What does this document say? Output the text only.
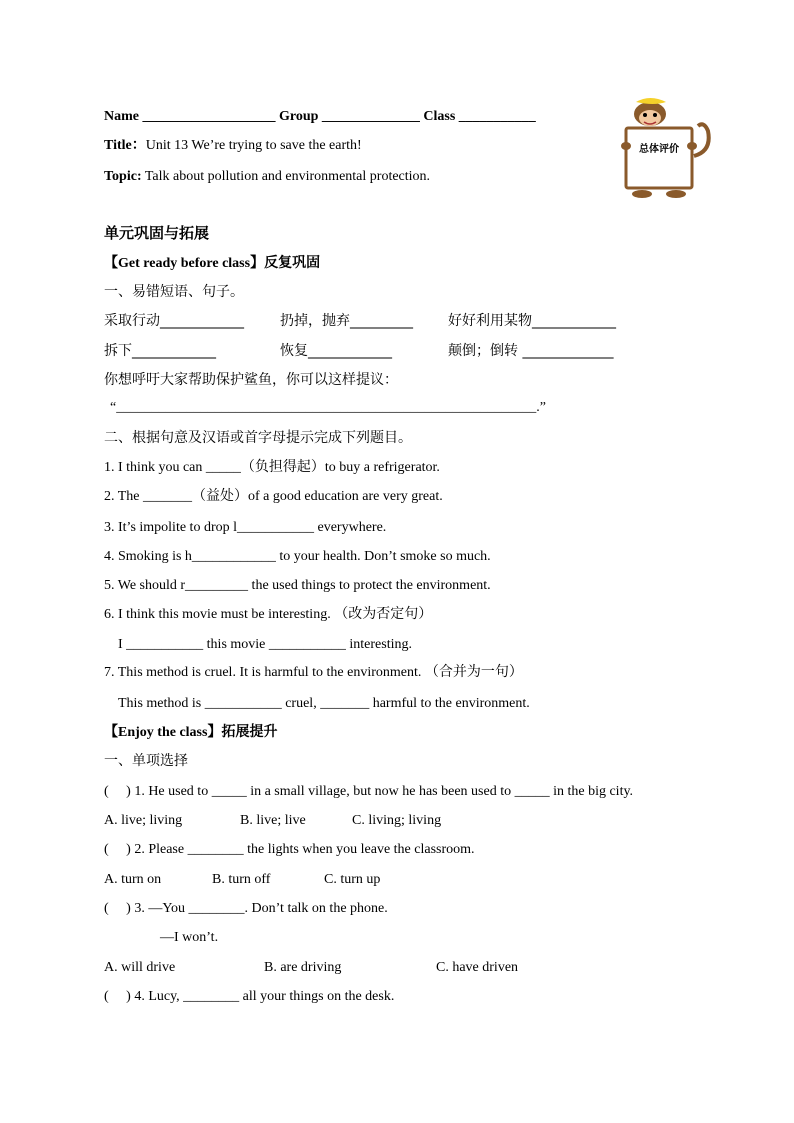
Name ___________________ Group ______________ Class ___________
Title：Unit 13 We’re trying to save the earth!
Topic: Talk about pollution and environmental protection.
总体评价
单元巩固与拓展
【Get ready before class】反复巩固
一、易错短语、句子。
采取行动____________	扔掉，抛弃_________	好好利用某物____________
拆下____________	恢复____________	颠倒；倒转 _____________
你想呼吁大家帮助保护鲨鱼，你可以这样提议：
“____________________________________________________________.”
二、根据句意及汉语或首字母提示完成下列题目。
1. I think you can _____（负担得起）to buy a refrigerator.
2. The _______（益处）of a good education are very great.
3. It’s impolite to drop l___________ everywhere.
4. Smoking is h____________ to your health. Don’t smoke so much.
5. We should r_________ the used things to protect the environment.
6. I think this movie must be interesting. （改为否定句）
I ___________ this movie ___________ interesting.
7. This method is cruel. It is harmful to the environment. （合并为一句）
This method is ___________ cruel, _______ harmful to the environment.
【Enjoy the class】拓展提升
一、单项选择
(     ) 1. He used to _____ in a small village, but now he has been used to _____ in the big city.
A. live; living	B. live; live	C. living; living
(     ) 2. Please ________ the lights when you leave the classroom.
A. turn on	B. turn off	C. turn up
(     ) 3. —You ________. Don’t talk on the phone.
—I won’t.
A. will drive	B. are driving	C. have driven
(     ) 4. Lucy, ________ all your things on the desk.
